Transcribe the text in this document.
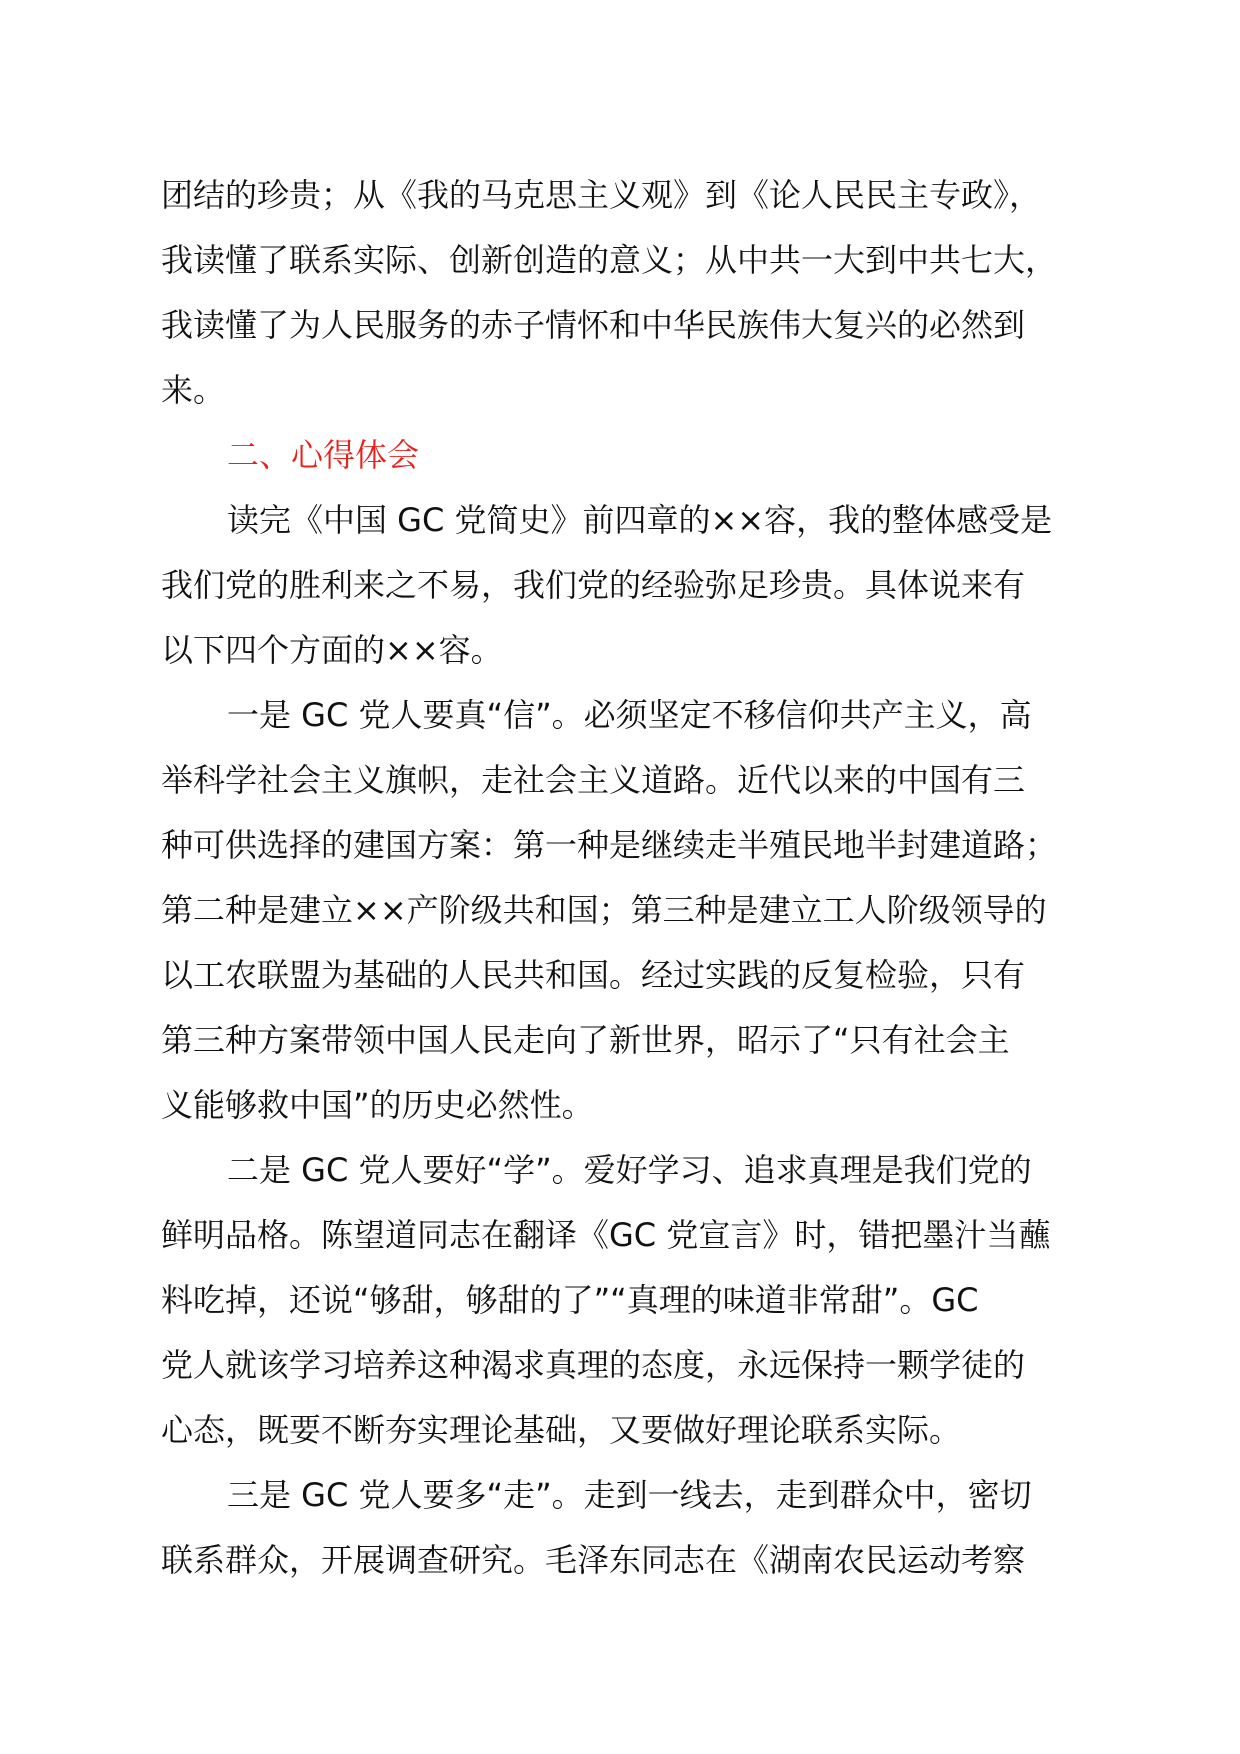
团结的珍贵；从《我的马克思主义观》到《论人民民主专政》，
我读懂了联系实际、创新创造的意义；从中共一大到中共七大，
我读懂了为人民服务的赤子情怀和中华民族伟大复兴的必然到
来。
二、心得体会
读完《中国 GC 党简史》前四章的××容，我的整体感受是
我们党的胜利来之不易，我们党的经验弥足珍贵。具体说来有
以下四个方面的××容。
一是 GC 党人要真“信”。必须坚定不移信仰共产主义，高
举科学社会主义旗帜，走社会主义道路。近代以来的中国有三
种可供选择的建国方案：第一种是继续走半殖民地半封建道路；
第二种是建立××产阶级共和国；第三种是建立工人阶级领导的
以工农联盟为基础的人民共和国。经过实践的反复检验，只有
第三种方案带领中国人民走向了新世界，昭示了“只有社会主
义能够救中国”的历史必然性。
二是 GC 党人要好“学”。爱好学习、追求真理是我们党的
鲜明品格。陈望道同志在翻译《GC 党宣言》时，错把墨汁当蘸
料吃掉，还说“够甜，够甜的了”“真理的味道非常甜”。GC
党人就该学习培养这种渴求真理的态度，永远保持一颗学徒的
心态，既要不断夯实理论基础，又要做好理论联系实际。
三是 GC 党人要多“走”。走到一线去，走到群众中，密切
联系群众，开展调查研究。毛泽东同志在《湖南农民运动考察
